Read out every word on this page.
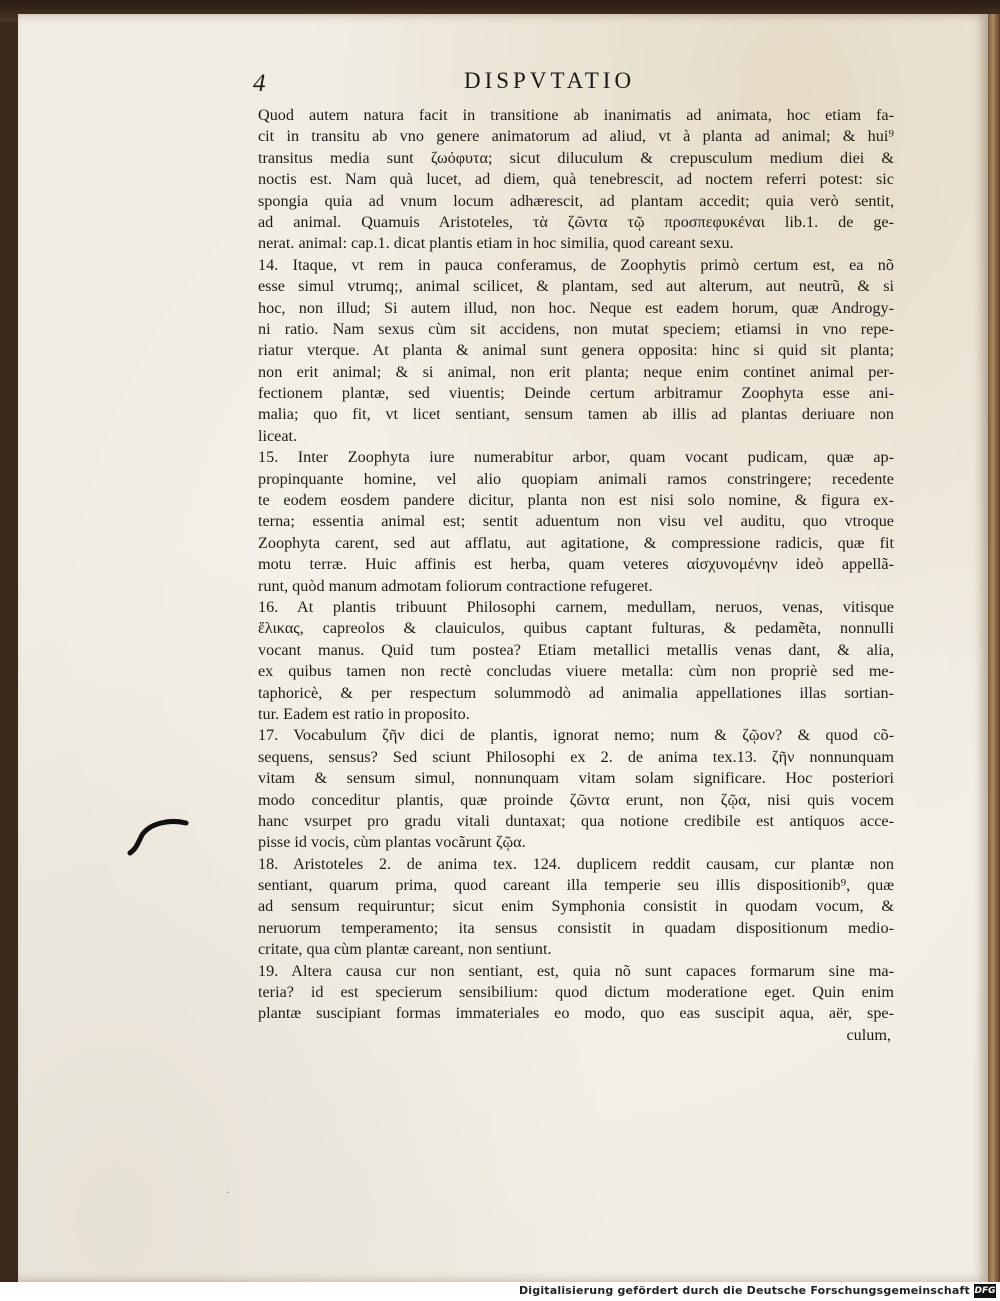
4	DISPVTATIO
Quod autem natura facit in transitione ab inanimatis ad animata, hoc etiam fa-
cit in transitu ab vno genere animatorum ad aliud, vt à planta ad animal; & hui⁹
transitus media sunt ζωόφυτα; sicut diluculum & crepusculum medium diei &
noctis est. Nam quà lucet, ad diem, quà tenebrescit, ad noctem referri potest: sic
spongia quia ad vnum locum adhærescit, ad plantam accedit; quia verò sentit,
ad animal. Quamuis Aristoteles, τὰ ζῶντα τῷ προσπεφυκέναι lib.1. de ge-
nerat. animal: cap.1. dicat plantis etiam in hoc similia, quod careant sexu.
14. Itaque, vt rem in pauca conferamus, de Zoophytis primò certum est, ea nõ
esse simul vtrumq;, animal scilicet, & plantam, sed aut alterum, aut neutrũ, & si
hoc, non illud; Si autem illud, non hoc. Neque est eadem horum, quæ Androgy-
ni ratio. Nam sexus cùm sit accidens, non mutat speciem; etiamsi in vno repe-
riatur vterque. At planta & animal sunt genera opposita: hinc si quid sit planta;
non erit animal; & si animal, non erit planta; neque enim continet animal per-
fectionem plantæ, sed viuentis; Deinde certum arbitramur Zoophyta esse ani-
malia; quo fit, vt licet sentiant, sensum tamen ab illis ad plantas deriuare non
liceat.
15. Inter Zoophyta iure numerabitur arbor, quam vocant pudicam, quæ ap-
propinquante homine, vel alio quopiam animali ramos constringere; recedente
te eodem eosdem pandere dicitur, planta non est nisi solo nomine, & figura ex-
terna; essentia animal est; sentit aduentum non visu vel auditu, quo vtroque
Zoophyta carent, sed aut afflatu, aut agitatione, & compressione radicis, quæ fit
motu terræ. Huic affinis est herba, quam veteres αἰσχυνομένην ideò appellã-
runt, quòd manum admotam foliorum contractione refugeret.
16. At plantis tribuunt Philosophi carnem, medullam, neruos, venas, vitisque
ἕλικας, capreolos & clauiculos, quibus captant fulturas, & pedamẽta, nonnulli
vocant manus. Quid tum postea? Etiam metallici metallis venas dant, & alia,
ex quibus tamen non rectè concludas viuere metalla: cùm non propriè sed me-
taphoricè, & per respectum solummodò ad animalia appellationes illas sortian-
tur. Eadem est ratio in proposito.
17. Vocabulum ζῆν dici de plantis, ignorat nemo; num & ζῷον? & quod cõ-
sequens, sensus? Sed sciunt Philosophi ex 2. de anima tex.13. ζῆν nonnunquam
vitam & sensum simul, nonnunquam vitam solam significare. Hoc posteriori
modo conceditur plantis, quæ proinde ζῶντα erunt, non ζῷα, nisi quis vocem
hanc vsurpet pro gradu vitali duntaxat; qua notione credibile est antiquos acce-
pisse id vocis, cùm plantas vocãrunt ζῷα.
18. Aristoteles 2. de anima tex. 124. duplicem reddit causam, cur plantæ non
sentiant, quarum prima, quod careant illa temperie seu illis dispositionib⁹, quæ
ad sensum requiruntur; sicut enim Symphonia consistit in quodam vocum, &
neruorum temperamento; ita sensus consistit in quadam dispositionum medio-
critate, qua cùm plantæ careant, non sentiunt.
19. Altera causa cur non sentiant, est, quia nõ sunt capaces formarum sine ma-
teria? id est specierum sensibilium: quod dictum moderatione eget. Quin enim
plantæ suscipiant formas immateriales eo modo, quo eas suscipit aqua, aër, spe-
culum,
ˑ
Digitalisierung gefördert durch die Deutsche Forschungsgemeinschaft DFG
